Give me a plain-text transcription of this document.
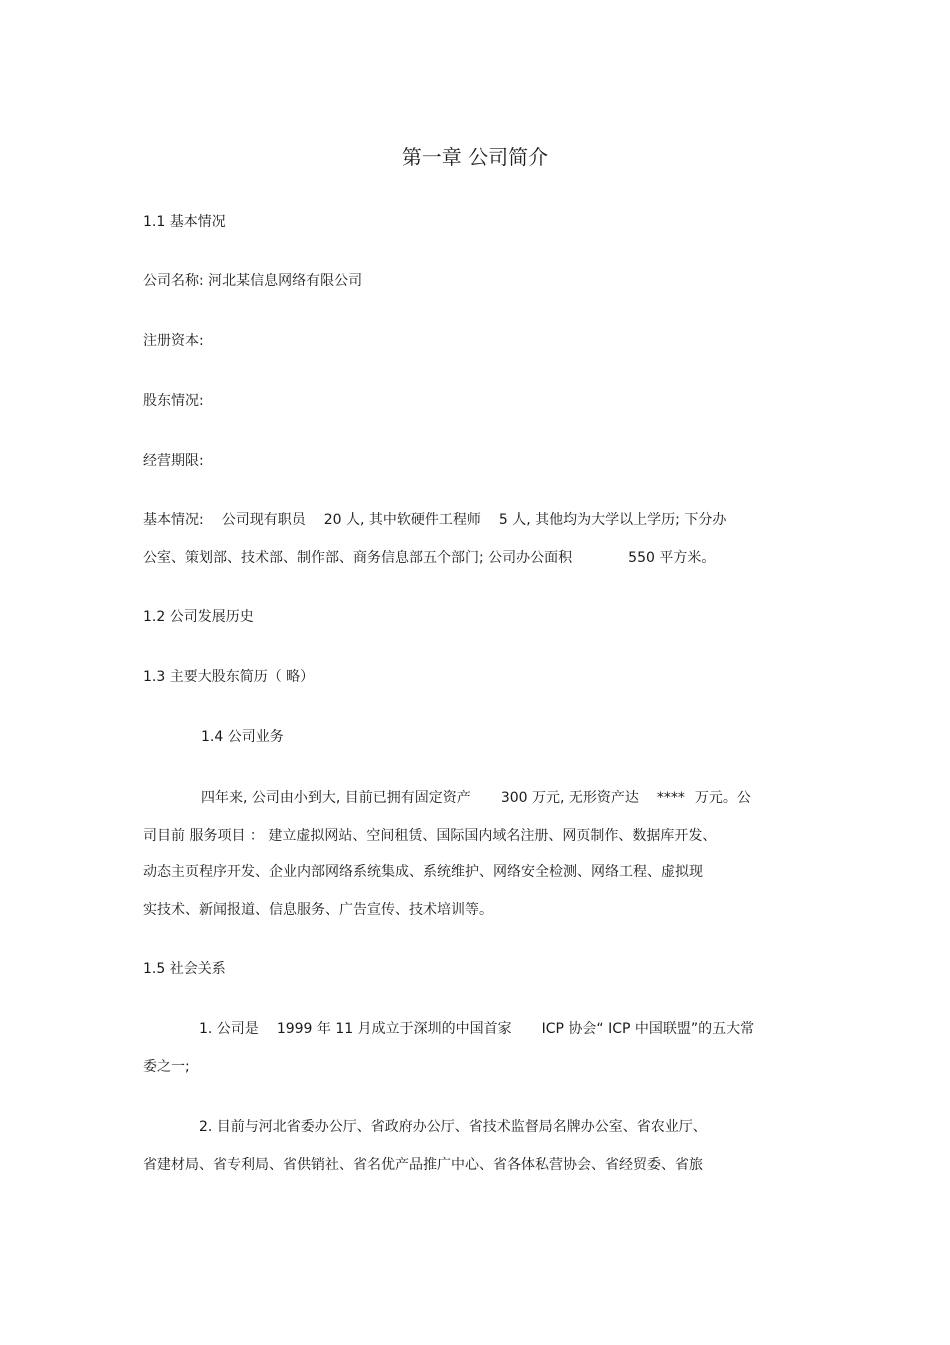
第一章 公司简介
1.1 基本情况
公司名称: 河北某信息网络有限公司
注册资本:
股东情况:
经营期限:
基本情况: 公司现有职员 20 人, 其中软硬件工程师 5 人, 其他均为大学以上学历; 下分办
公室、策划部、技术部、制作部、商务信息部五个部门; 公司办公面积	550 平方米。
1.2 公司发展历史
1.3 主要大股东简历（ 略）
1.4 公司业务
四年来, 公司由小到大, 目前已拥有固定资产 300 万元, 无形资产达 **** 万元。公
司目前 服务项目 ： 建立虚拟网站、空间租赁、国际国内域名注册、网页制作、数据库开发、
动态主页程序开发、企业内部网络系统集成、系统维护、网络安全检测、网络工程、虚拟现
实技术、新闻报道、信息服务、广告宣传、技术培训等。
1.5 社会关系
1. 公司是 1999 年 11 月成立于深圳的中国首家 ICP 协会“ ICP 中国联盟”的五大常
委之一;
2. 目前与河北省委办公厅、省政府办公厅、省技术监督局名牌办公室、省农业厅、
省建材局、省专利局、省供销社、省名优产品推广中心、省各体私营协会、省经贸委、省旅
